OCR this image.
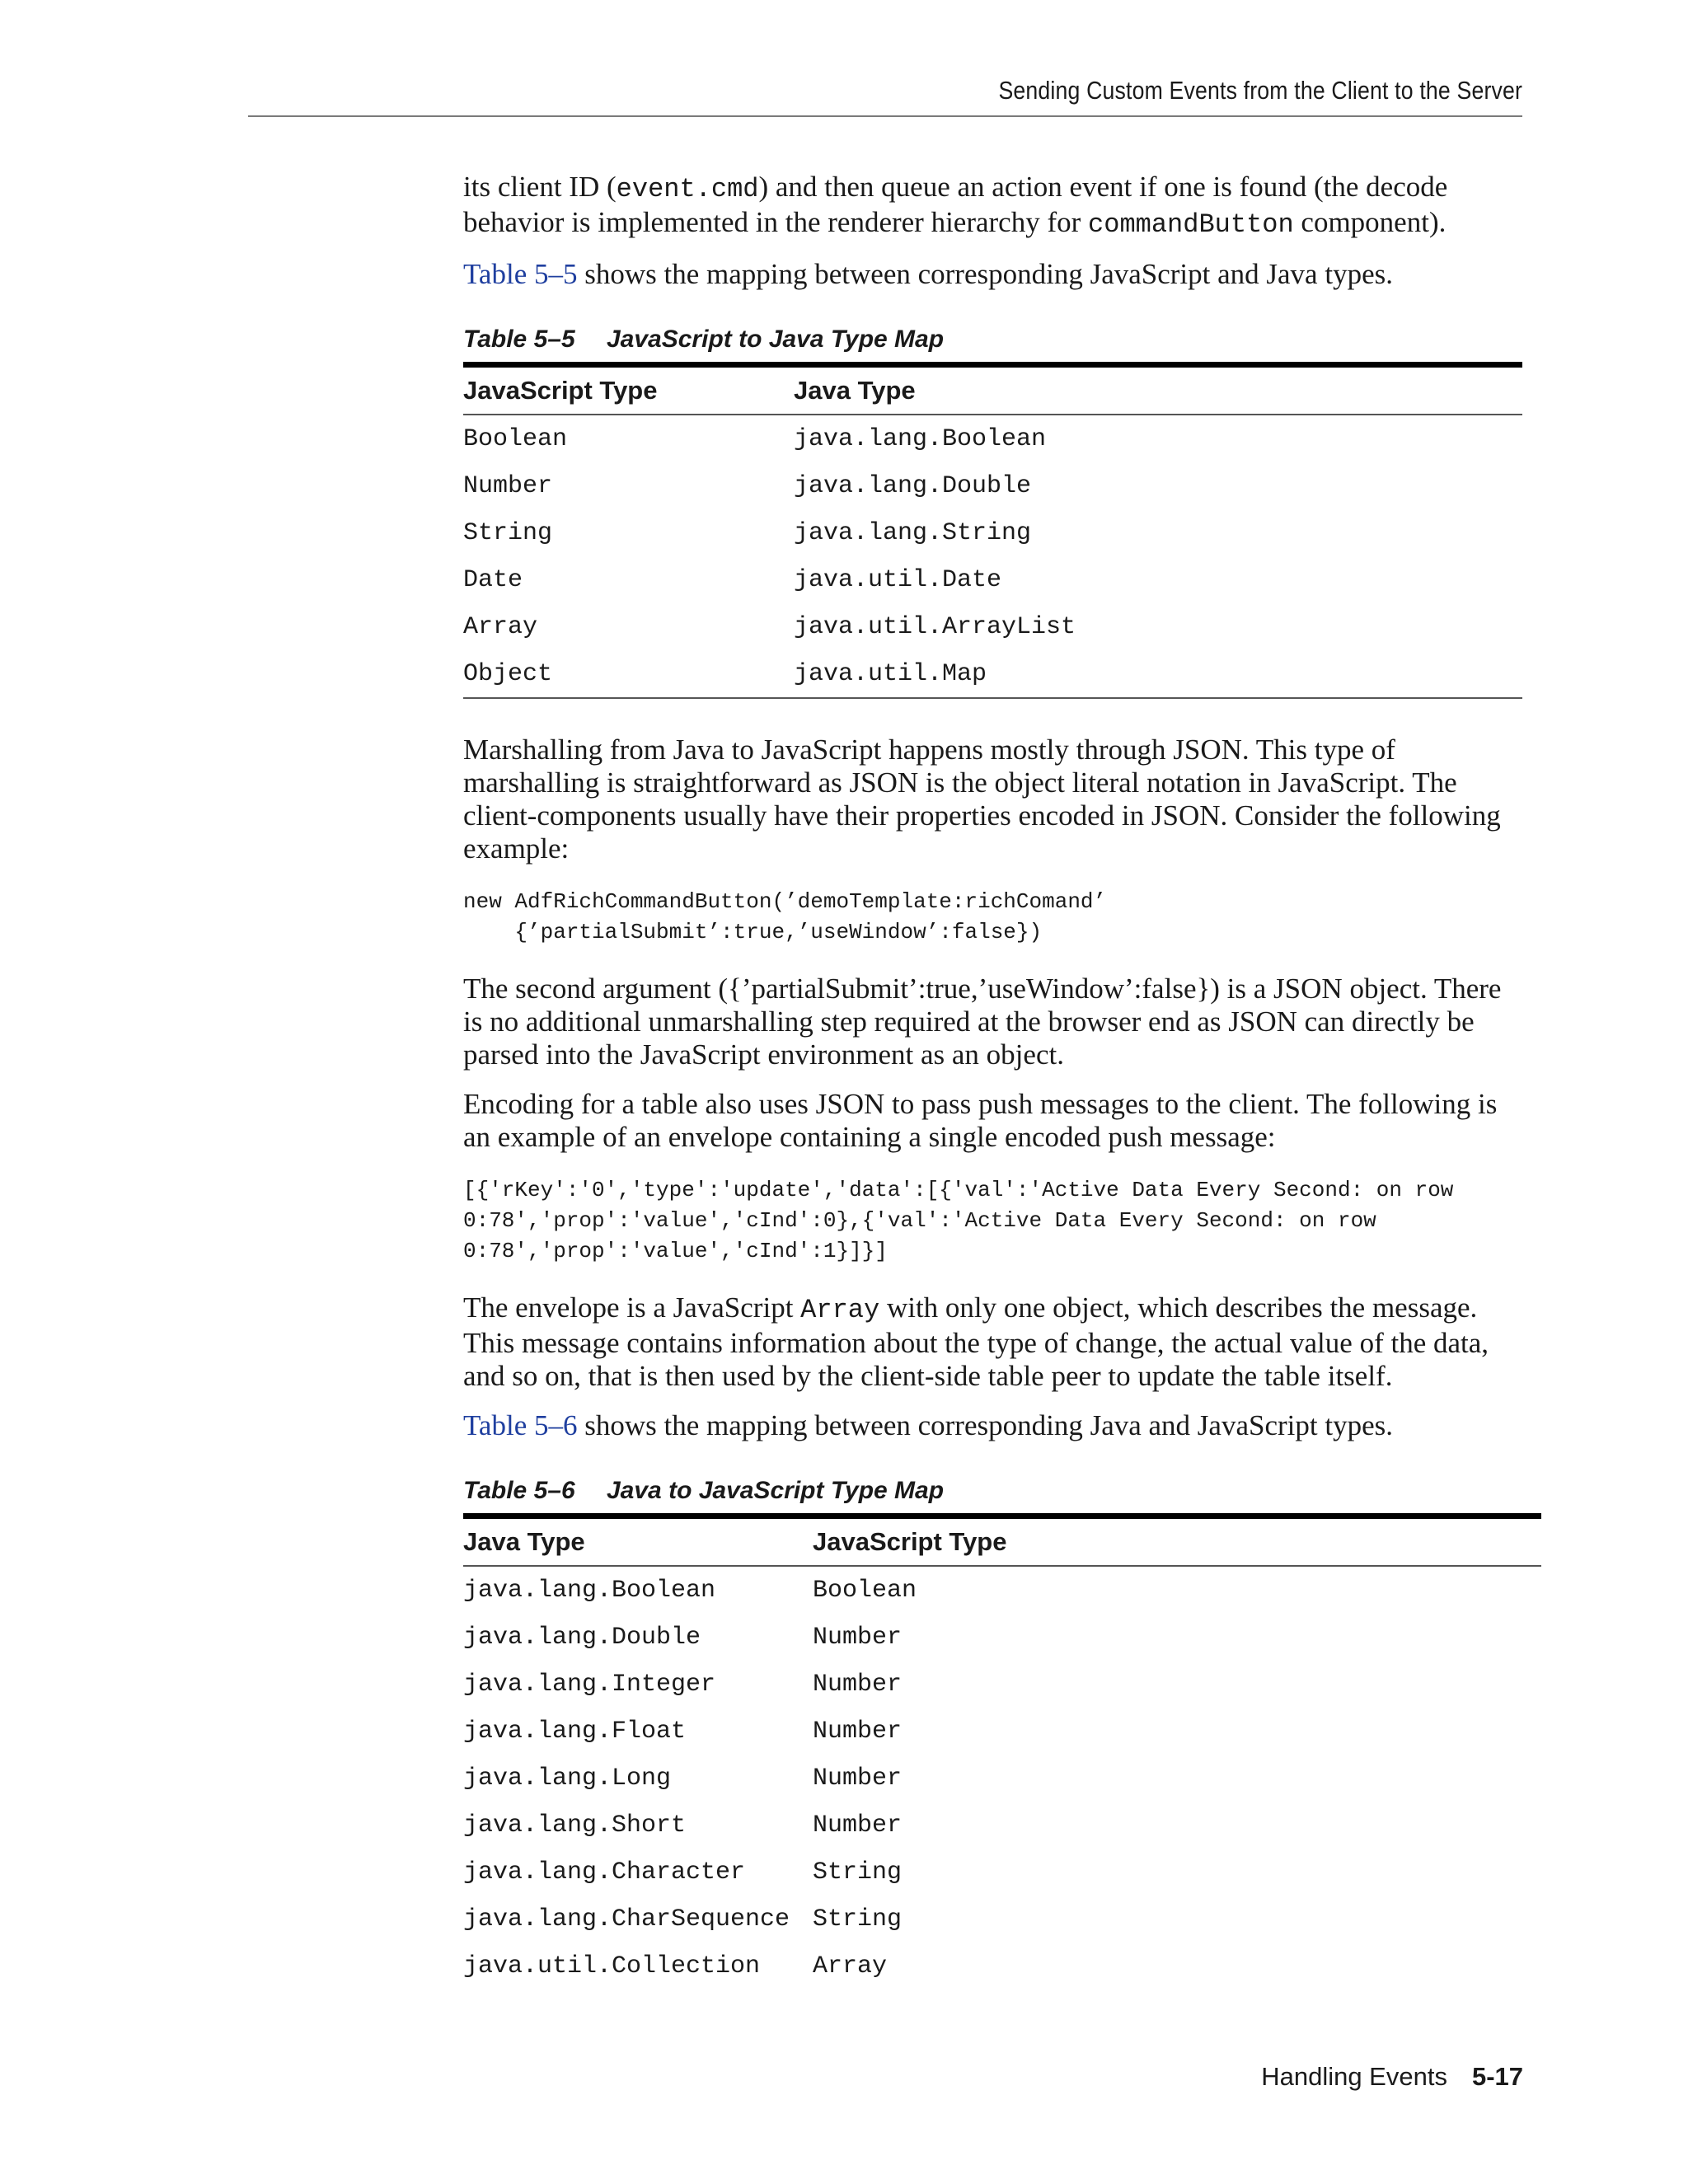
Sending Custom Events from the Client to the Server

its client ID (event.cmd) and then queue an action event if one is found (the decode behavior is implemented in the renderer hierarchy for commandButton component).

Table 5–5 shows the mapping between corresponding JavaScript and Java types.

Table 5–5 JavaScript to Java Type Map
JavaScript Type	Java Type
Boolean	java.lang.Boolean
Number	java.lang.Double
String	java.lang.String
Date	java.util.Date
Array	java.util.ArrayList
Object	java.util.Map

Marshalling from Java to JavaScript happens mostly through JSON. This type of marshalling is straightforward as JSON is the object literal notation in JavaScript. The client-components usually have their properties encoded in JSON. Consider the following example:

new AdfRichCommandButton(’demoTemplate:richComand’
{’partialSubmit’:true,’useWindow’:false})

The second argument ({’partialSubmit’:true,’useWindow’:false}) is a JSON object. There is no additional unmarshalling step required at the browser end as JSON can directly be parsed into the JavaScript environment as an object.

Encoding for a table also uses JSON to pass push messages to the client. The following is an example of an envelope containing a single encoded push message:

[{'rKey':'0','type':'update','data':[{'val':'Active Data Every Second: on row
0:78','prop':'value','cInd':0},{'val':'Active Data Every Second: on row
0:78','prop':'value','cInd':1}]}]

The envelope is a JavaScript Array with only one object, which describes the message. This message contains information about the type of change, the actual value of the data, and so on, that is then used by the client-side table peer to update the table itself.

Table 5–6 shows the mapping between corresponding Java and JavaScript types.

Table 5–6 Java to JavaScript Type Map
Java Type	JavaScript Type
java.lang.Boolean	Boolean
java.lang.Double	Number
java.lang.Integer	Number
java.lang.Float	Number
java.lang.Long	Number
java.lang.Short	Number
java.lang.Character	String
java.lang.CharSequence String
java.util.Collection	Array
Handling Events 5-17
